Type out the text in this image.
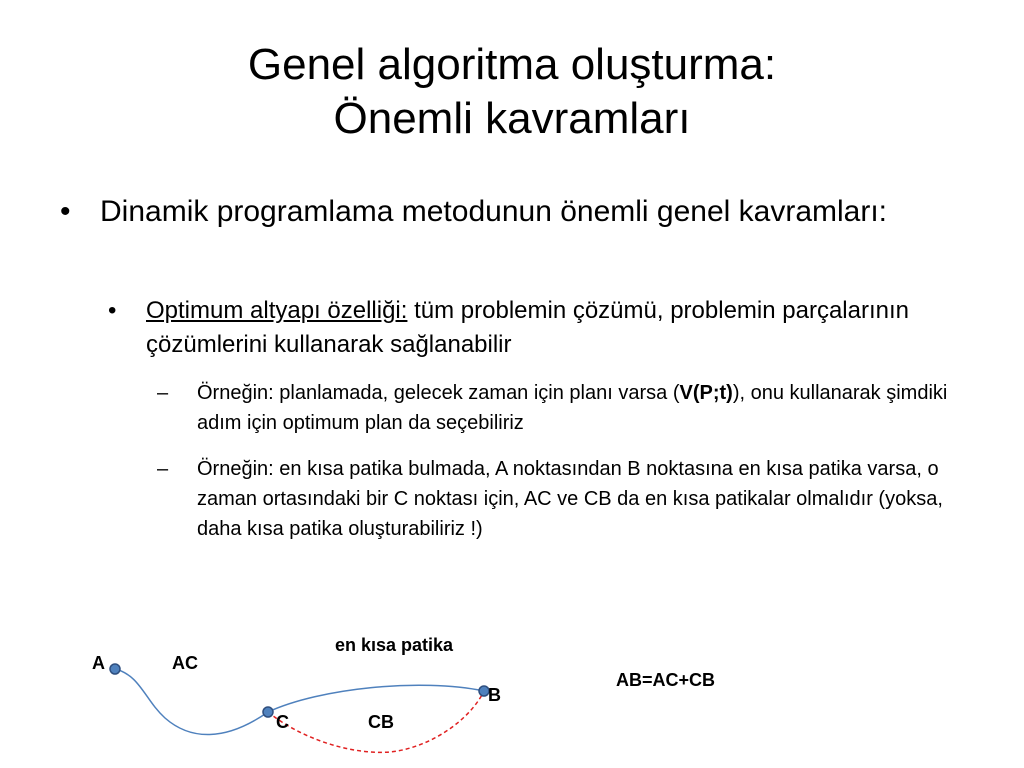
Genel algoritma oluşturma:
Önemli kavramları
• Dinamik programlama metodunun önemli genel kavramları:
• Optimum altyapı özelliği: tüm problemin çözümü, problemin parçalarının çözümlerini kullanarak sağlanabilir
– Örneğin: planlamada, gelecek zaman için planı varsa (V(P;t)), onu kullanarak şimdiki adım için optimum plan da seçebiliriz
– Örneğin: en kısa patika bulmada, A noktasından B noktasına en kısa patika varsa, o zaman ortasındaki bir C noktası için, AC ve CB da en kısa patikalar olmalıdır (yoksa, daha kısa patika oluşturabiliriz !)
A	AC
en kısa patika
B
C	CB
AB=AC+CB
